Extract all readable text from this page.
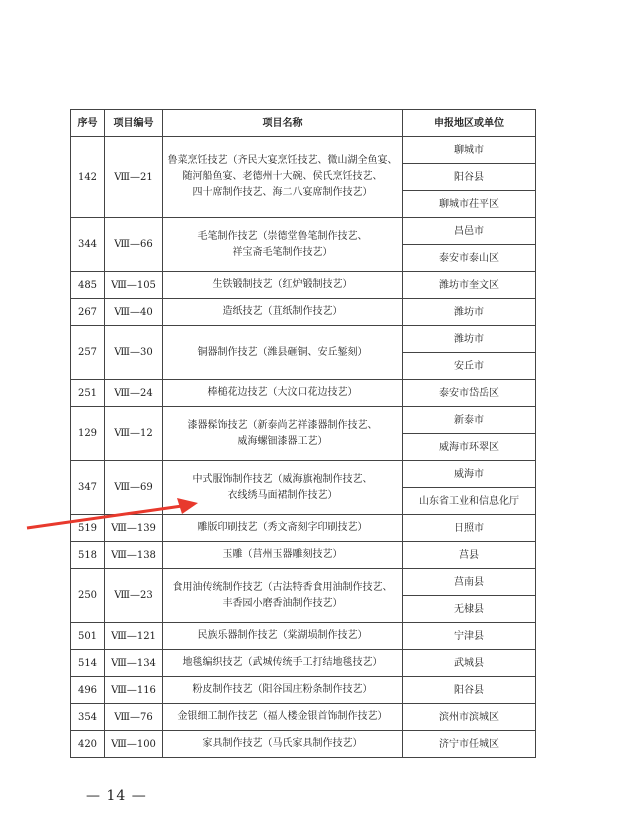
序号	项目编号	项目名称	申报地区或单位
142	Ⅷ—21	鲁菜烹饪技艺（齐民大宴烹饪技艺、微山湖全鱼宴、
随河船鱼宴、老德州十大碗、侯氏烹饪技艺、
四十席制作技艺、海二八宴席制作技艺）	聊城市
			阳谷县
			聊城市茌平区
344	Ⅷ—66	毛笔制作技艺（崇德堂鲁笔制作技艺、
祥宝斋毛笔制作技艺）	昌邑市
			泰安市泰山区
485	Ⅷ—105	生铁锻制技艺（红炉锻制技艺）	潍坊市奎文区
267	Ⅷ—40	造纸技艺（苴纸制作技艺）	潍坊市
257	Ⅷ—30	铜器制作技艺（潍县砸铜、安丘錾刻）	潍坊市
			安丘市
251	Ⅷ—24	棒槌花边技艺（大汶口花边技艺）	泰安市岱岳区
129	Ⅷ—12	漆器髹饰技艺（新泰尚艺祥漆器制作技艺、
威海螺钿漆器工艺）	新泰市
			威海市环翠区
347	Ⅷ—69	中式服饰制作技艺（威海旗袍制作技艺、
衣线绣马面裙制作技艺）	威海市
			山东省工业和信息化厅
519	Ⅷ—139	雕版印刷技艺（秀文斋刻字印刷技艺）	日照市
518	Ⅷ—138	玉雕（莒州玉器雕刻技艺）	莒县
250	Ⅷ—23	食用油传统制作技艺（古法特香食用油制作技艺、
丰香园小磨香油制作技艺）	莒南县
			无棣县
501	Ⅷ—121	民族乐器制作技艺（棠湖埙制作技艺）	宁津县
514	Ⅷ—134	地毯编织技艺（武城传统手工打结地毯技艺）	武城县
496	Ⅷ—116	粉皮制作技艺（阳谷国庄粉条制作技艺）	阳谷县
354	Ⅷ—76	金银细工制作技艺（福人楼金银首饰制作技艺）	滨州市滨城区
420	Ⅷ—100	家具制作技艺（马氏家具制作技艺）	济宁市任城区
— 14 —
